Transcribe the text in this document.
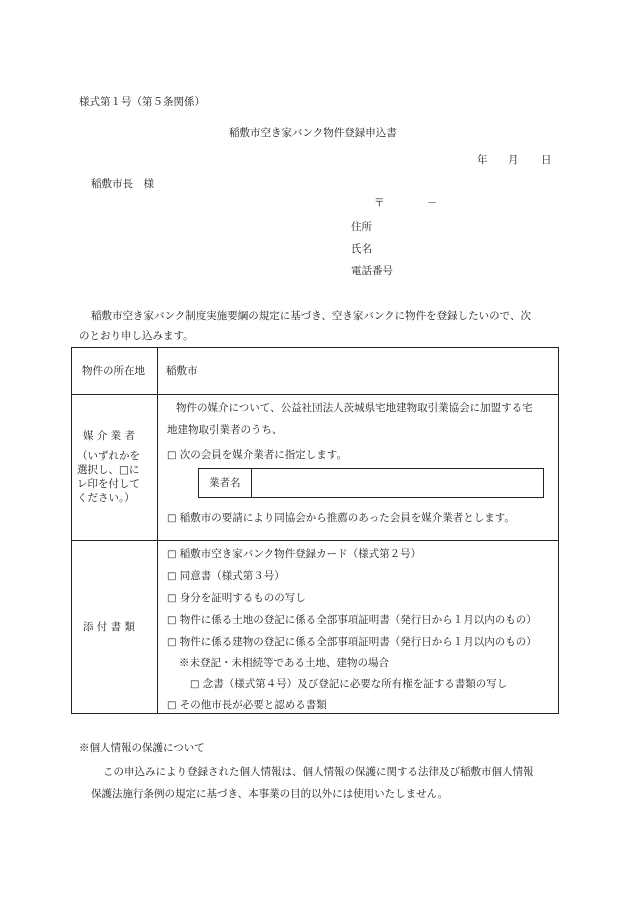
様式第１号（第５条関係）
稲敷市空き家バンク物件登録申込書
年 月 日
稲敷市長　様
〒	－
住所
氏名
電話番号
稲敷市空き家バンク制度実施要綱の規定に基づき、空き家バンクに物件を登録したいので、次
のとおり申し込みます。
物件の所在地 稲敷市
媒 介 業 者
（いずれかを
選択し、□に
レ印を付して
ください。）
物件の媒介について、公益社団法人茨城県宅地建物取引業協会に加盟する宅
地建物取引業者のうち、
□ 次の会員を媒介業者に指定します。
業者名
□ 稲敷市の要請により同協会から推薦のあった会員を媒介業者とします。
添 付 書 類
□ 稲敷市空き家バンク物件登録カード（様式第２号）
□ 同意書（様式第３号）
□ 身分を証明するものの写し
□ 物件に係る土地の登記に係る全部事項証明書（発行日から１月以内のもの）
□ 物件に係る建物の登記に係る全部事項証明書（発行日から１月以内のもの）
※未登記・未相続等である土地、建物の場合
□ 念書（様式第４号）及び登記に必要な所有権を証する書類の写し
□ その他市長が必要と認める書類
※個人情報の保護について
この申込みにより登録された個人情報は、個人情報の保護に関する法律及び稲敷市個人情報
保護法施行条例の規定に基づき、本事業の目的以外には使用いたしません。
